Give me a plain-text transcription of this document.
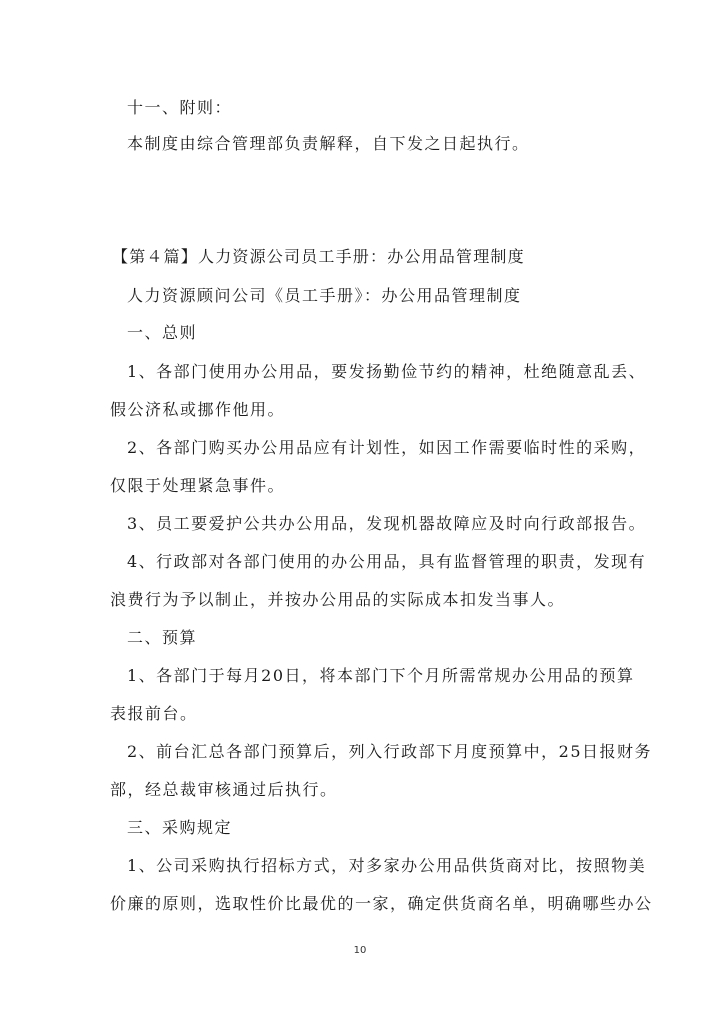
十一、附则：

本制度由综合管理部负责解释，自下发之日起执行。

【第４篇】人力资源公司员工手册：办公用品管理制度

人力资源顾问公司《员工手册》：办公用品管理制度

一、总则

1、各部门使用办公用品，要发扬勤俭节约的精神，杜绝随意乱丢、

假公济私或挪作他用。

2、各部门购买办公用品应有计划性，如因工作需要临时性的采购，

仅限于处理紧急事件。

3、员工要爱护公共办公用品，发现机器故障应及时向行政部报告。

4、行政部对各部门使用的办公用品，具有监督管理的职责，发现有

浪费行为予以制止，并按办公用品的实际成本扣发当事人。

二、预算

1、各部门于每月20日，将本部门下个月所需常规办公用品的预算

表报前台。

2、前台汇总各部门预算后，列入行政部下月度预算中，25日报财务

部，经总裁审核通过后执行。

三、采购规定

1、公司采购执行招标方式，对多家办公用品供货商对比，按照物美

价廉的原则，选取性价比最优的一家，确定供货商名单，明确哪些办公

10
